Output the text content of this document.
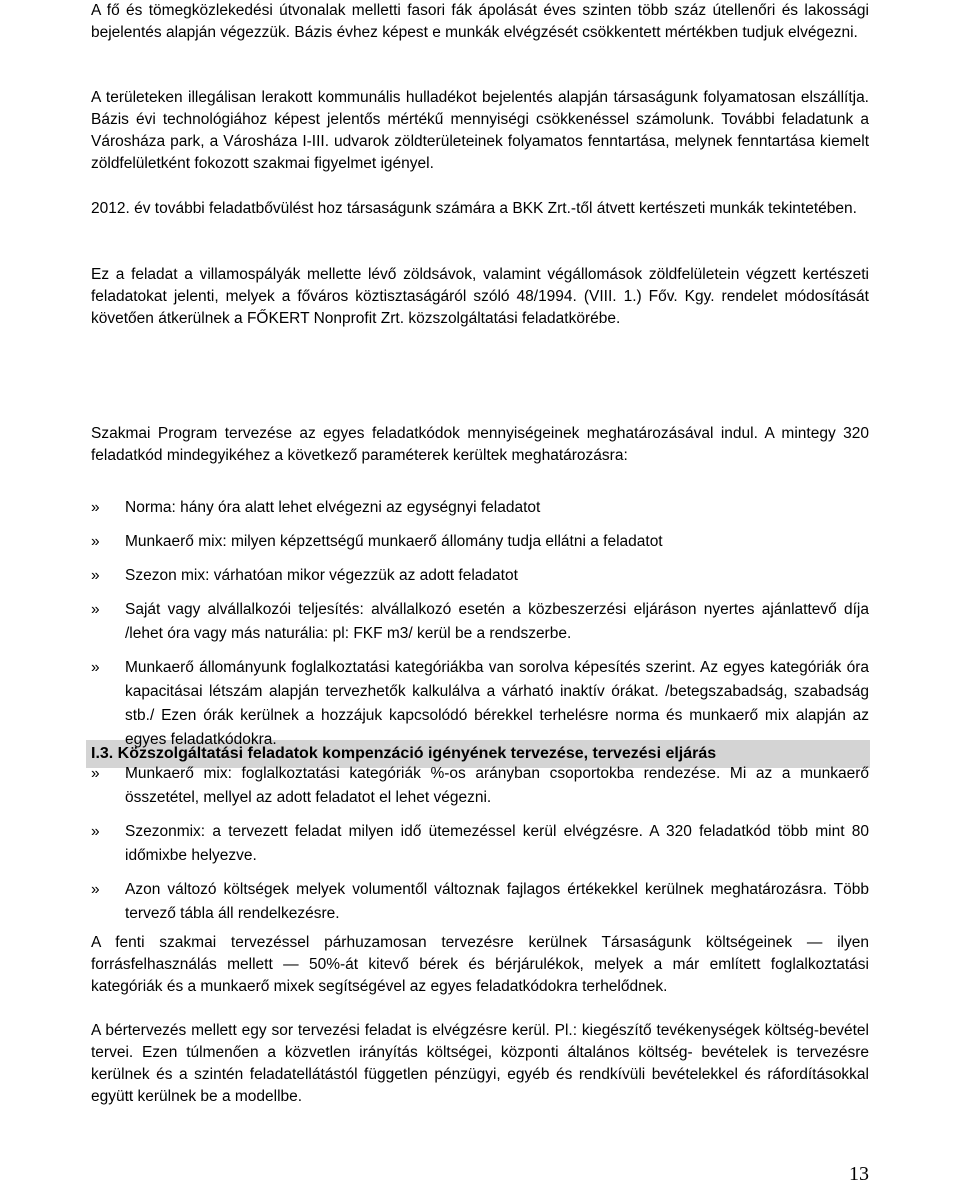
A fő és tömegközlekedési útvonalak melletti fasori fák ápolását éves szinten több száz útellenőri és lakossági bejelentés alapján végezzük. Bázis évhez képest e munkák elvégzését csökkentett mértékben tudjuk elvégezni.

A területeken illegálisan lerakott kommunális hulladékot bejelentés alapján társaságunk folyamatosan elszállítja. Bázis évi technológiához képest jelentős mértékű mennyiségi csökkenéssel számolunk. További feladatunk a Városháza park, a Városháza I-III. udvarok zöldterületeinek folyamatos fenntartása, melynek fenntartása kiemelt zöldfelületként fokozott szakmai figyelmet igényel.

2012. év további feladatbővülést hoz társaságunk számára a BKK Zrt.-től átvett kertészeti munkák tekintetében.

Ez a feladat a villamospályák mellette lévő zöldsávok, valamint végállomások zöldfelületein végzett kertészeti feladatokat jelenti, melyek a főváros köztisztaságáról szóló 48/1994. (VIII. 1.) Főv. Kgy. rendelet módosítását követően átkerülnek a FŐKERT Nonprofit Zrt. közszolgáltatási feladatkörébe.

I.3. Közszolgáltatási feladatok kompenzáció igényének tervezése, tervezési eljárás

Szakmai Program tervezése az egyes feladatkódok mennyiségeinek meghatározásával indul. A mintegy 320 feladatkód mindegyikéhez a következő paraméterek kerültek meghatározásra:

» Norma: hány óra alatt lehet elvégezni az egységnyi feladatot
» Munkaerő mix: milyen képzettségű munkaerő állomány tudja ellátni a feladatot
» Szezon mix: várhatóan mikor végezzük az adott feladatot
» Saját vagy alvállalkozói teljesítés: alvállalkozó esetén a közbeszerzési eljáráson nyertes ajánlattevő díja /lehet óra vagy más naturália: pl: FKF m3/ kerül be a rendszerbe.
» Munkaerő állományunk foglalkoztatási kategóriákba van sorolva képesítés szerint. Az egyes kategóriák óra kapacitásai létszám alapján tervezhetők kalkulálva a várható inaktív órákat. /betegszabadság, szabadság stb./ Ezen órák kerülnek a hozzájuk kapcsolódó bérekkel terhelésre norma és munkaerő mix alapján az egyes feladatkódokra.
» Munkaerő mix: foglalkoztatási kategóriák %-os arányban csoportokba rendezése. Mi az a munkaerő összetétel, mellyel az adott feladatot el lehet végezni.
» Szezonmix: a tervezett feladat milyen idő ütemezéssel kerül elvégzésre. A 320 feladatkód több mint 80 időmixbe helyezve.
» Azon változó költségek melyek volumentől változnak fajlagos értékekkel kerülnek meghatározásra. Több tervező tábla áll rendelkezésre.

A fenti szakmai tervezéssel párhuzamosan tervezésre kerülnek Társaságunk költségeinek — ilyen forrásfelhasználás mellett — 50%-át kitevő bérek és bérjárulékok, melyek a már említett foglalkoztatási kategóriák és a munkaerő mixek segítségével az egyes feladatkódokra terhelődnek.

A bértervezés mellett egy sor tervezési feladat is elvégzésre kerül. Pl.: kiegészítő tevékenységek költség-bevétel tervei. Ezen túlmenően a közvetlen irányítás költségei, központi általános költség- bevételek is tervezésre kerülnek és a szintén feladatellátástól független pénzügyi, egyéb és rendkívüli bevételekkel és ráfordításokkal együtt kerülnek be a modellbe.

13
